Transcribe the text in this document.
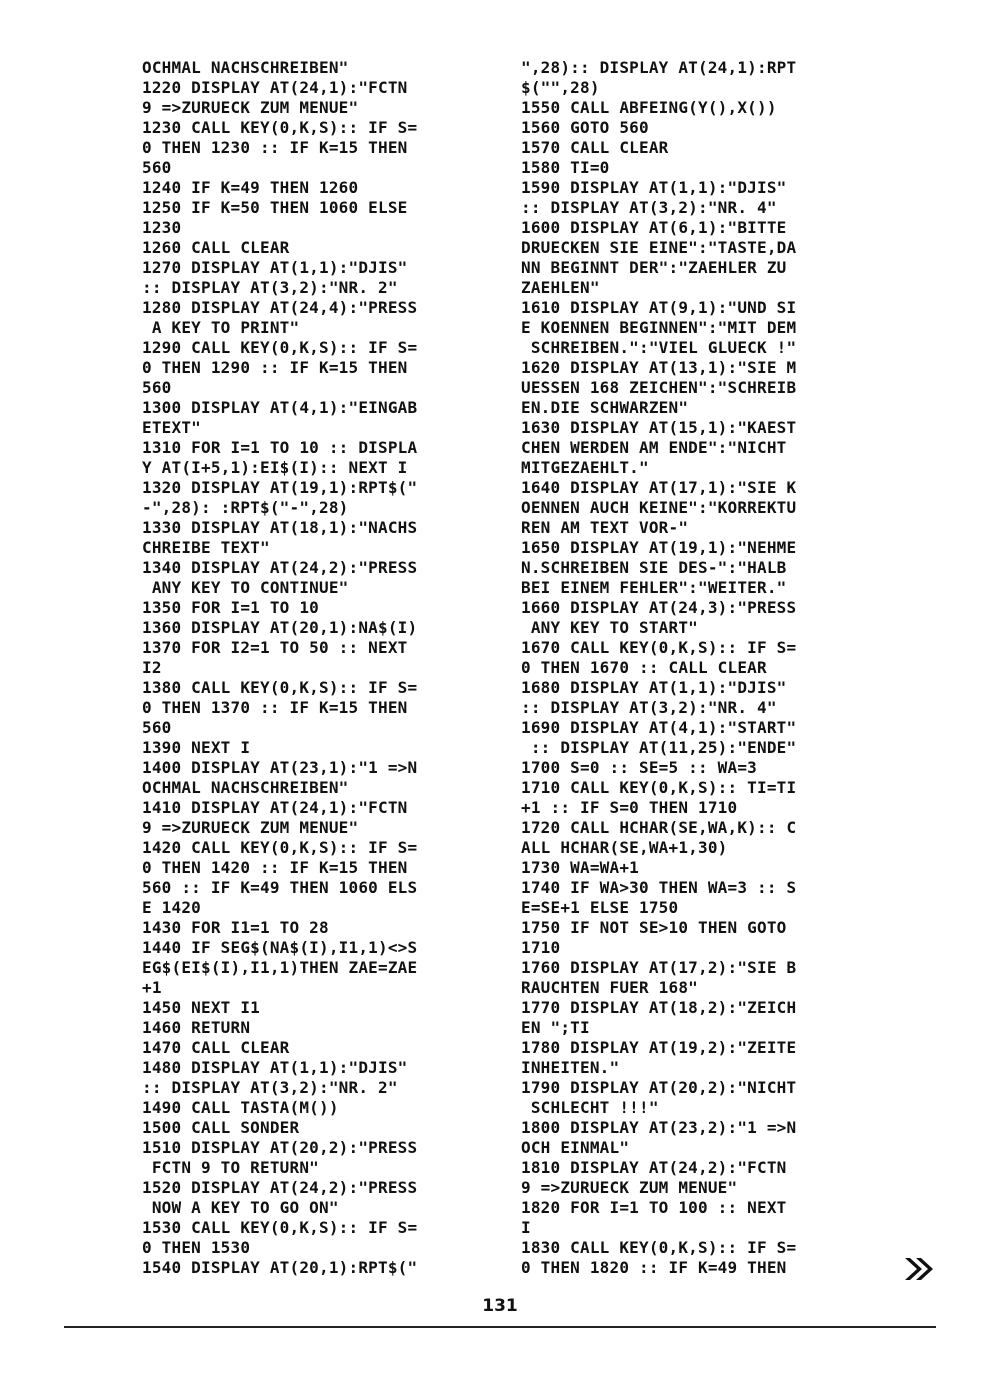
OCHMAL NACHSCHREIBEN"
1220 DISPLAY AT(24,1):"FCTN
9 =>ZURUECK ZUM MENUE"
1230 CALL KEY(0,K,S):: IF S=
0 THEN 1230 :: IF K=15 THEN
560
1240 IF K=49 THEN 1260
1250 IF K=50 THEN 1060 ELSE
1230
1260 CALL CLEAR
1270 DISPLAY AT(1,1):"DJIS"
:: DISPLAY AT(3,2):"NR. 2"
1280 DISPLAY AT(24,4):"PRESS
A KEY TO PRINT"
1290 CALL KEY(0,K,S):: IF S=
0 THEN 1290 :: IF K=15 THEN
560
1300 DISPLAY AT(4,1):"EINGAB
ETEXT"
1310 FOR I=1 TO 10 :: DISPLA
Y AT(I+5,1):EI$(I):: NEXT I
1320 DISPLAY AT(19,1):RPT$("
-",28): :RPT$("-",28)
1330 DISPLAY AT(18,1):"NACHS
CHREIBE TEXT"
1340 DISPLAY AT(24,2):"PRESS
ANY KEY TO CONTINUE"
1350 FOR I=1 TO 10
1360 DISPLAY AT(20,1):NA$(I)
1370 FOR I2=1 TO 50 :: NEXT
I2
1380 CALL KEY(0,K,S):: IF S=
0 THEN 1370 :: IF K=15 THEN
560
1390 NEXT I
1400 DISPLAY AT(23,1):"1 =>N
OCHMAL NACHSCHREIBEN"
1410 DISPLAY AT(24,1):"FCTN
9 =>ZURUECK ZUM MENUE"
1420 CALL KEY(0,K,S):: IF S=
0 THEN 1420 :: IF K=15 THEN
560 :: IF K=49 THEN 1060 ELS
E 1420
1430 FOR I1=1 TO 28
1440 IF SEG$(NA$(I),I1,1)<>S
EG$(EI$(I),I1,1)THEN ZAE=ZAE
+1
1450 NEXT I1
1460 RETURN
1470 CALL CLEAR
1480 DISPLAY AT(1,1):"DJIS"
:: DISPLAY AT(3,2):"NR. 2"
1490 CALL TASTA(M())
1500 CALL SONDER
1510 DISPLAY AT(20,2):"PRESS
FCTN 9 TO RETURN"
1520 DISPLAY AT(24,2):"PRESS
NOW A KEY TO GO ON"
1530 CALL KEY(0,K,S):: IF S=
0 THEN 1530
1540 DISPLAY AT(20,1):RPT$("
",28):: DISPLAY AT(24,1):RPT
$("",28)
1550 CALL ABFEING(Y(),X())
1560 GOTO 560
1570 CALL CLEAR
1580 TI=0
1590 DISPLAY AT(1,1):"DJIS"
:: DISPLAY AT(3,2):"NR. 4"
1600 DISPLAY AT(6,1):"BITTE
DRUECKEN SIE EINE":"TASTE,DA
NN BEGINNT DER":"ZAEHLER ZU
ZAEHLEN"
1610 DISPLAY AT(9,1):"UND SI
E KOENNEN BEGINNEN":"MIT DEM
SCHREIBEN.":"VIEL GLUECK !"
1620 DISPLAY AT(13,1):"SIE M
UESSEN 168 ZEICHEN":"SCHREIB
EN.DIE SCHWARZEN"
1630 DISPLAY AT(15,1):"KAEST
CHEN WERDEN AM ENDE":"NICHT
MITGEZAEHLT."
1640 DISPLAY AT(17,1):"SIE K
OENNEN AUCH KEINE":"KORREKTU
REN AM TEXT VOR-"
1650 DISPLAY AT(19,1):"NEHME
N.SCHREIBEN SIE DES-":"HALB
BEI EINEM FEHLER":"WEITER."
1660 DISPLAY AT(24,3):"PRESS
ANY KEY TO START"
1670 CALL KEY(0,K,S):: IF S=
0 THEN 1670 :: CALL CLEAR
1680 DISPLAY AT(1,1):"DJIS"
:: DISPLAY AT(3,2):"NR. 4"
1690 DISPLAY AT(4,1):"START"
:: DISPLAY AT(11,25):"ENDE"
1700 S=0 :: SE=5 :: WA=3
1710 CALL KEY(0,K,S):: TI=TI
+1 :: IF S=0 THEN 1710
1720 CALL HCHAR(SE,WA,K):: C
ALL HCHAR(SE,WA+1,30)
1730 WA=WA+1
1740 IF WA>30 THEN WA=3 :: S
E=SE+1 ELSE 1750
1750 IF NOT SE>10 THEN GOTO
1710
1760 DISPLAY AT(17,2):"SIE B
RAUCHTEN FUER 168"
1770 DISPLAY AT(18,2):"ZEICH
EN ";TI
1780 DISPLAY AT(19,2):"ZEITE
INHEITEN."
1790 DISPLAY AT(20,2):"NICHT
SCHLECHT !!!"
1800 DISPLAY AT(23,2):"1 =>N
OCH EINMAL"
1810 DISPLAY AT(24,2):"FCTN
9 =>ZURUECK ZUM MENUE"
1820 FOR I=1 TO 100 :: NEXT
I
1830 CALL KEY(0,K,S):: IF S=
0 THEN 1820 :: IF K=49 THEN
131
